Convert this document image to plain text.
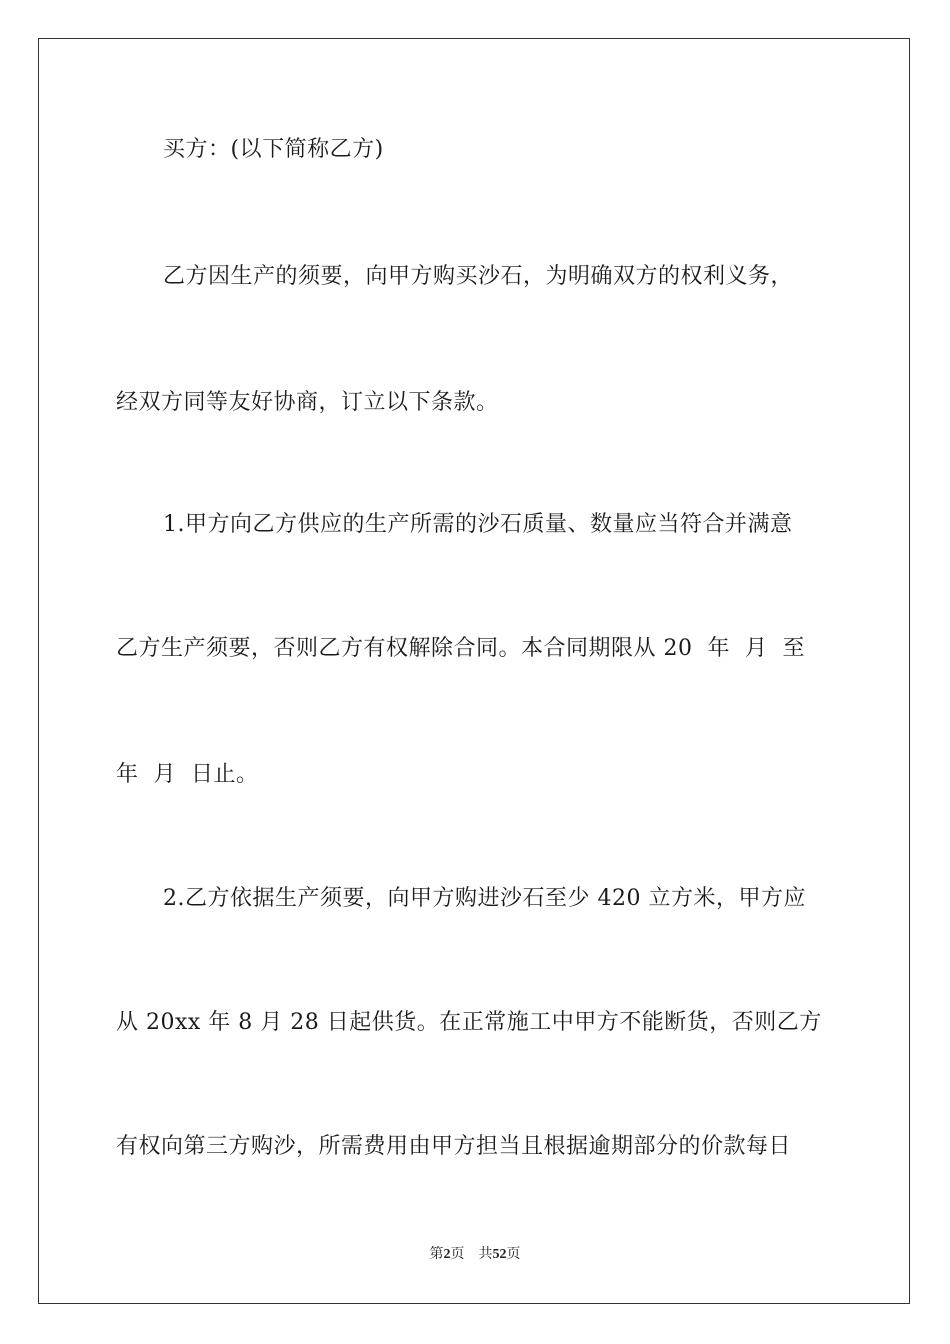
买方：(以下简称乙方)
乙方因生产的须要，向甲方购买沙石，为明确双方的权利义务，
经双方同等友好协商，订立以下条款。
1.甲方向乙方供应的生产所需的沙石质量、数量应当符合并满意
乙方生产须要，否则乙方有权解除合同。本合同期限从 20  年  月  至
年  月  日止。
2.乙方依据生产须要，向甲方购进沙石至少 420 立方米，甲方应
从 20xx 年 8 月 28 日起供货。在正常施工中甲方不能断货，否则乙方
有权向第三方购沙，所需费用由甲方担当且根据逾期部分的价款每日
第2页 共52页
